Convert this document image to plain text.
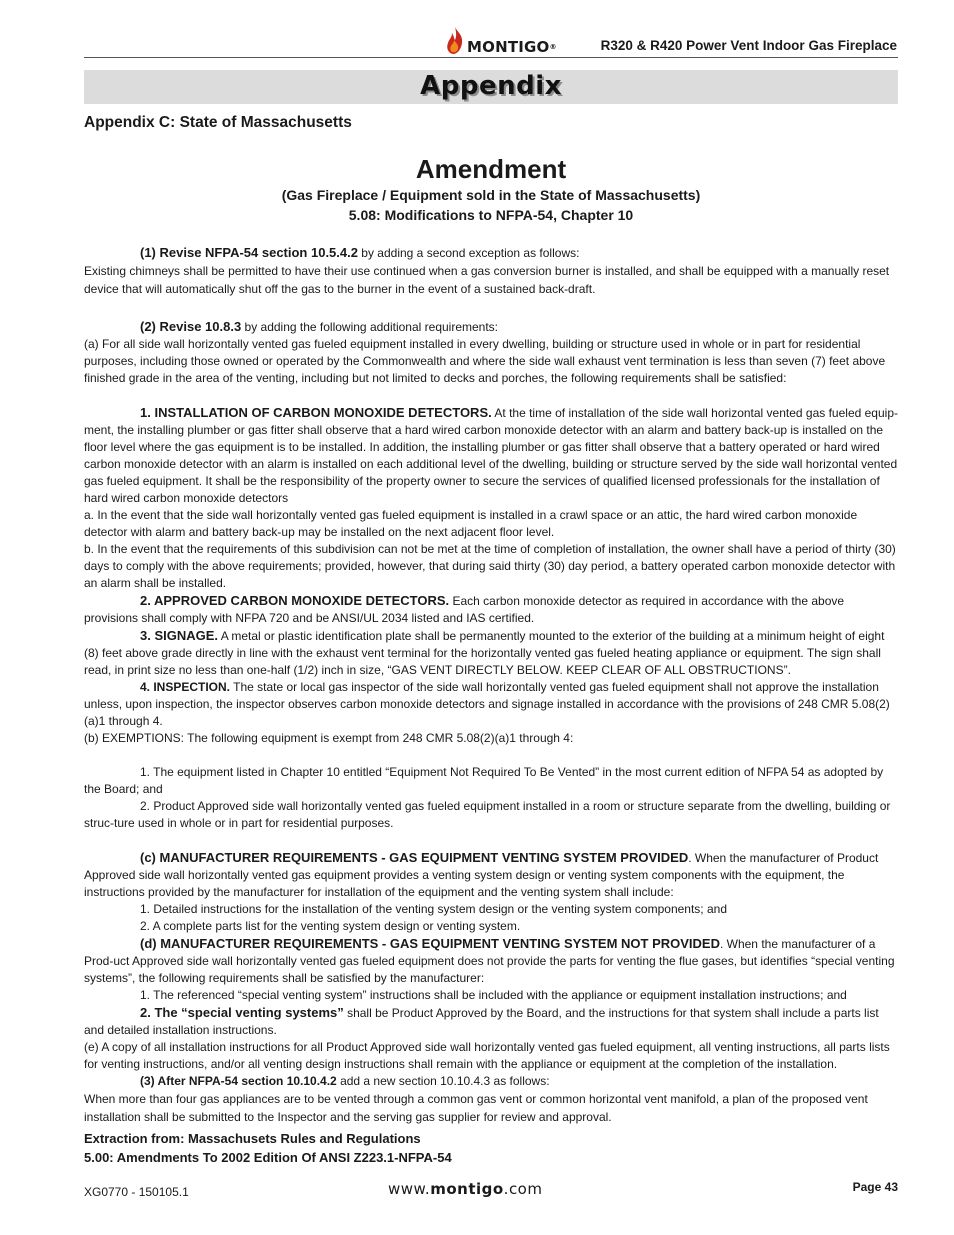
MONTIGO®	R320 & R420 Power Vent Indoor Gas Fireplace
Appendix
Appendix C: State of Massachusetts
Amendment
(Gas Fireplace / Equipment sold in the State of Massachusetts)
5.08: Modifications to NFPA-54, Chapter 10

(1) Revise NFPA-54 section 10.5.4.2 by adding a second exception as follows:

Existing chimneys shall be permitted to have their use continued when a gas conversion burner is installed, and shall be equipped with a manually reset device that will automatically shut off the gas to the burner in the event of a sustained back-draft.

(2) Revise 10.8.3 by adding the following additional requirements:

(a) For all side wall horizontally vented gas fueled equipment installed in every dwelling, building or structure used in whole or in part for residential purposes, including those owned or operated by the Commonwealth and where the side wall exhaust vent termination is less than seven (7) feet above finished grade in the area of the venting, including but not limited to decks and porches, the following requirements shall be satisfied:

1. INSTALLATION OF CARBON MONOXIDE DETECTORS. At the time of installation of the side wall horizontal vented gas fueled equip-ment, the installing plumber or gas fitter shall observe that a hard wired carbon monoxide detector with an alarm and battery back-up is installed on the floor level where the gas equipment is to be installed. In addition, the installing plumber or gas fitter shall observe that a battery operated or hard wired carbon monoxide detector with an alarm is installed on each additional level of the dwelling, building or structure served by the side wall horizontal vented gas fueled equipment. It shall be the responsibility of the property owner to secure the services of qualified licensed professionals for the installation of hard wired carbon monoxide detectors

a. In the event that the side wall horizontally vented gas fueled equipment is installed in a crawl space or an attic, the hard wired carbon monoxide detector with alarm and battery back-up may be installed on the next adjacent floor level.

b. In the event that the requirements of this subdivision can not be met at the time of completion of installation, the owner shall have a period of thirty (30) days to comply with the above requirements; provided, however, that during said thirty (30) day period, a battery operated carbon monoxide detector with an alarm shall be installed.

2. APPROVED CARBON MONOXIDE DETECTORS. Each carbon monoxide detector as required in accordance with the above provisions shall comply with NFPA 720 and be ANSI/UL 2034 listed and IAS certified.

3. SIGNAGE. A metal or plastic identification plate shall be permanently mounted to the exterior of the building at a minimum height of eight (8) feet above grade directly in line with the exhaust vent terminal for the horizontally vented gas fueled heating appliance or equipment. The sign shall read, in print size no less than one-half (1/2) inch in size, “GAS VENT DIRECTLY BELOW. KEEP CLEAR OF ALL OBSTRUCTIONS”.

4. INSPECTION. The state or local gas inspector of the side wall horizontally vented gas fueled equipment shall not approve the installation unless, upon inspection, the inspector observes carbon monoxide detectors and signage installed in accordance with the provisions of 248 CMR 5.08(2)(a)1 through 4.

(b) EXEMPTIONS: The following equipment is exempt from 248 CMR 5.08(2)(a)1 through 4:

1. The equipment listed in Chapter 10 entitled “Equipment Not Required To Be Vented” in the most current edition of NFPA 54 as adopted by the Board; and

2. Product Approved side wall horizontally vented gas fueled equipment installed in a room or structure separate from the dwelling, building or struc-ture used in whole or in part for residential purposes.

(c) MANUFACTURER REQUIREMENTS - GAS EQUIPMENT VENTING SYSTEM PROVIDED. When the manufacturer of Product Approved side wall horizontally vented gas equipment provides a venting system design or venting system components with the equipment, the instructions provided by the manufacturer for installation of the equipment and the venting system shall include:

1. Detailed instructions for the installation of the venting system design or the venting system components; and

2. A complete parts list for the venting system design or venting system.

(d) MANUFACTURER REQUIREMENTS - GAS EQUIPMENT VENTING SYSTEM NOT PROVIDED. When the manufacturer of a Prod-uct Approved side wall horizontally vented gas fueled equipment does not provide the parts for venting the flue gases, but identifies “special venting systems”, the following requirements shall be satisfied by the manufacturer:

1. The referenced “special venting system” instructions shall be included with the appliance or equipment installation instructions; and

2. The “special venting systems” shall be Product Approved by the Board, and the instructions for that system shall include a parts list and detailed installation instructions.

(e) A copy of all installation instructions for all Product Approved side wall horizontally vented gas fueled equipment, all venting instructions, all parts lists for venting instructions, and/or all venting design instructions shall remain with the appliance or equipment at the completion of the installation.

(3) After NFPA-54 section 10.10.4.2 add a new section 10.10.4.3 as follows:

When more than four gas appliances are to be vented through a common gas vent or common horizontal vent manifold, a plan of the proposed vent installation shall be submitted to the Inspector and the serving gas supplier for review and approval.

Extraction from: Massachusets Rules and Regulations
5.00: Amendments To 2002 Edition Of ANSI Z223.1-NFPA-54
XG0770 - 150105.1	www.montigo.com	Page 43
